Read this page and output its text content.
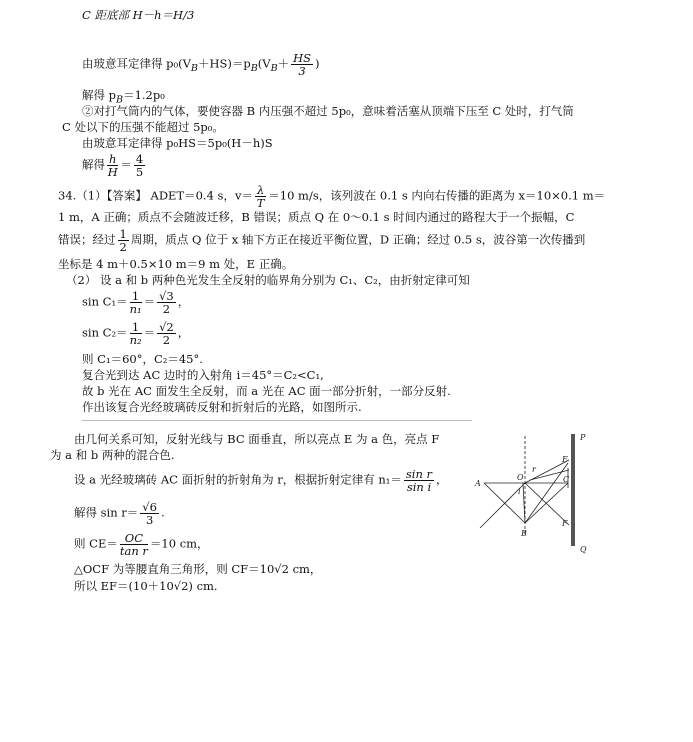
C 距底部 H－h＝H/3
由玻意耳定律得 $p_0(V_B+HS)=p_B(V_B+ \frac{HS}{3}$ )
解得 $p_B=1.2p_0$
②对打气筒内的气体，要使容器 B 内压强不超过 5p₀，意味着活塞从顶端下压至 C 处时，打气筒
C 处以下的压强不能超过 5p₀。
由玻意耳定律得 p₀HS＝5p₀(H－h)S
解得 $\frac{h}{H} = \frac{4}{5}$
34.（1）【答案】 ADET＝0.4 s，$v= \frac{\lambda}{T} =10$ m/s，该列波在 0.1 s 内向右传播的距离为 x＝10×0.1 m＝
1 m，A 正确；质点不会随波迁移，B 错误；质点 Q 在 0～0.1 s 时间内通过的路程大于一个振幅，C
错误；经过 $\frac{1}{2}$ 周期，质点 Q 位于 x 轴下方正在接近平衡位置，D 正确；经过 0.5 s，波谷第一次传播到
坐标是 4 m＋0.5×10 m＝9 m 处，E 正确。
（2） 设 a 和 b 两种色光发生全反射的临界角分别为 C₁、C₂，由折射定律可知
$\sin C_1= \frac{1}{\text{n₁}} = \frac{√3}{2}$ ，
$\sin C_2= \frac{1}{\text{n₂}} = \frac{√2}{2}$ ，
则 C₁＝60°，C₂＝45°.
复合光到达 AC 边时的入射角 i＝45°＝C₂<C₁,
故 b 光在 AC 面发生全反射，而 a 光在 AC 面一部分折射，一部分反射.
作出该复合光经玻璃砖反射和折射后的光路，如图所示.
由几何关系可知，反射光线与 BC 面垂直，所以亮点 E 为 a 色，亮点 F
为 a 和 b 两种的混合色.
设 a 光经玻璃砖 AC 面折射的折射角为 r，根据折射定律有 $n_1= \frac{\text{sin r}}{\text{sin i}}$ ，
解得 $\sin r= \frac{√6}{3}$ .
则 $CE= \frac{OC}{\text{tan r}} =10$ cm，
△OCF 为等腰直角三角形，则 CF＝10√2 cm，
所以 EF＝(10＋10√2) cm.
P
E
C
F
A
B
O
r
i
Q
